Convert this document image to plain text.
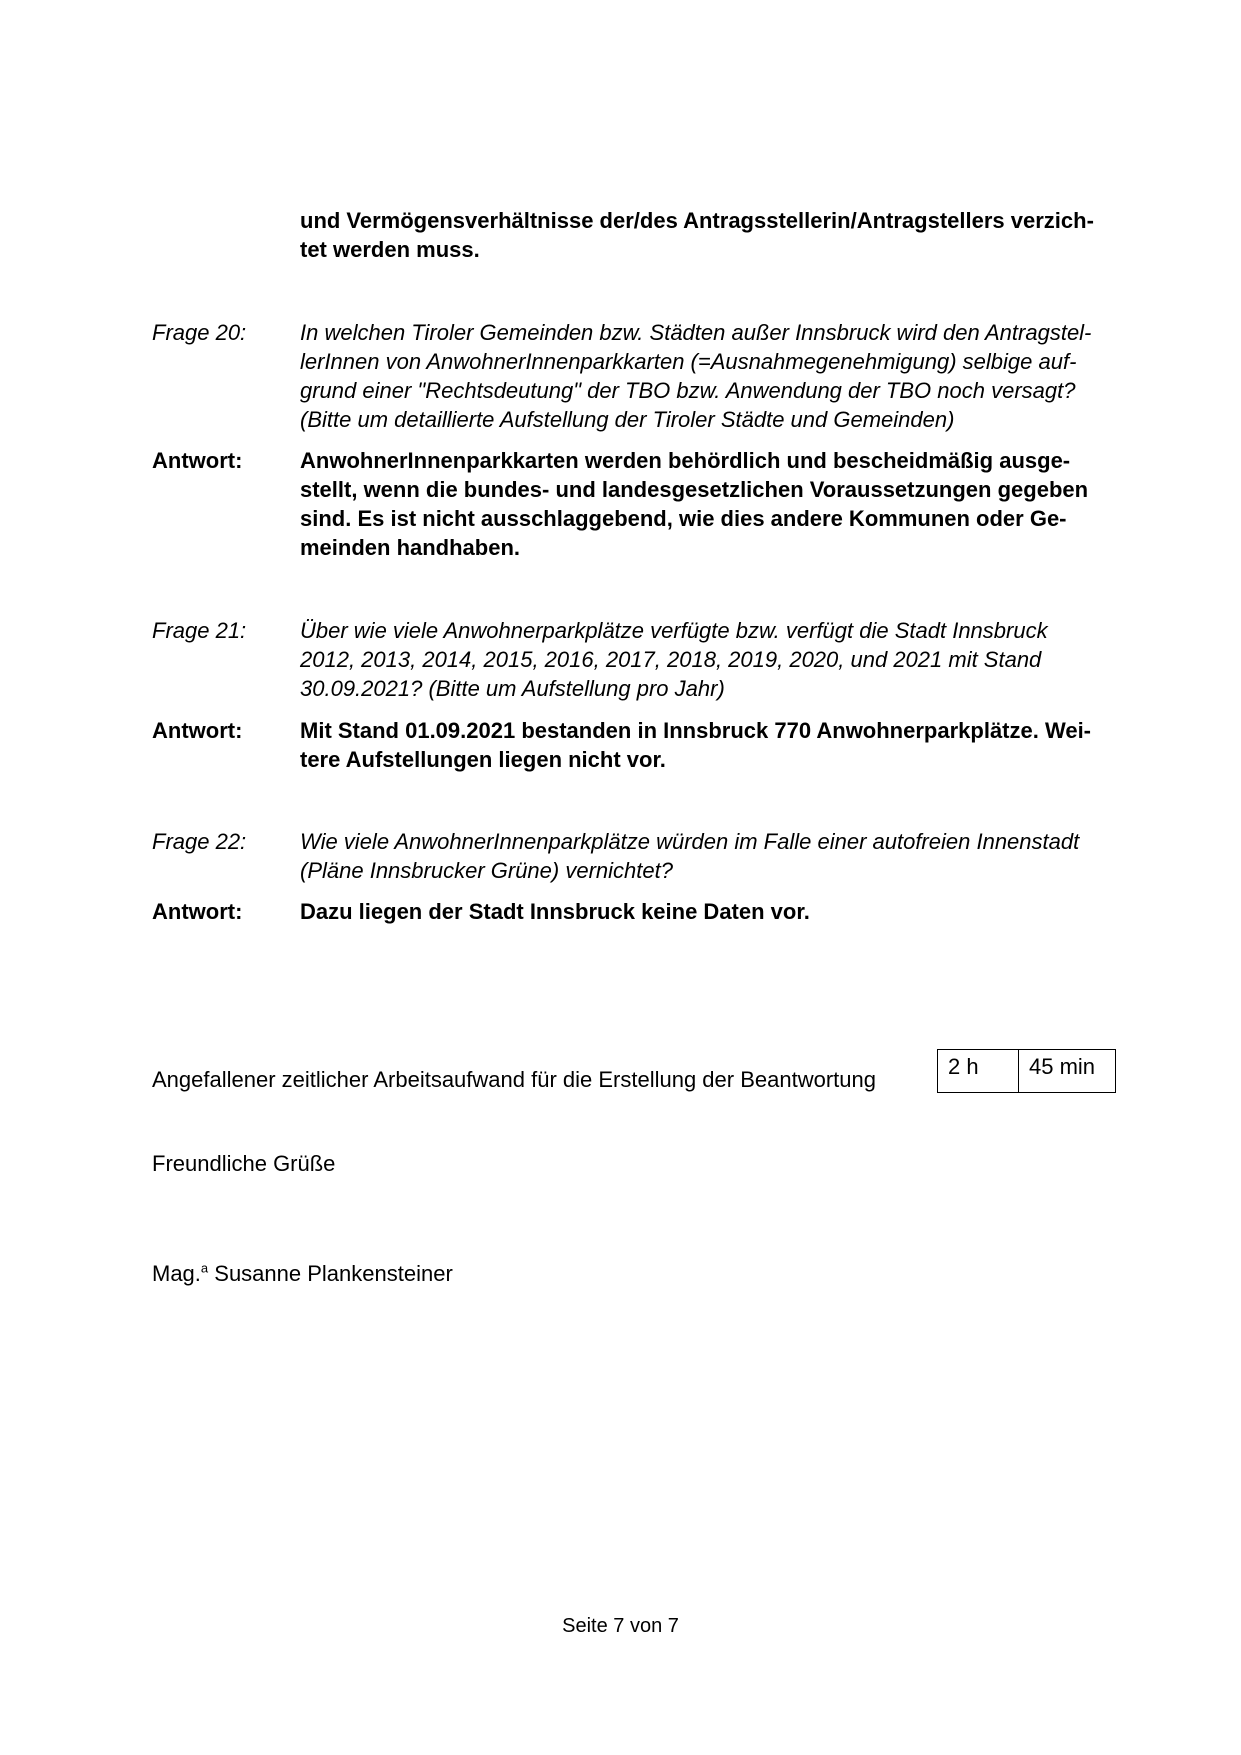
und Vermögensverhältnisse der/des Antragsstellerin/Antragstellers verzich-
tet werden muss.
Frage 20: In welchen Tiroler Gemeinden bzw. Städten außer Innsbruck wird den Antragstel-
lerInnen von AnwohnerInnenparkkarten (=Ausnahmegenehmigung) selbige auf-
grund einer "Rechtsdeutung" der TBO bzw. Anwendung der TBO noch versagt?
(Bitte um detaillierte Aufstellung der Tiroler Städte und Gemeinden)
Antwort:	AnwohnerInnenparkkarten werden behördlich und bescheidmäßig ausge-
stellt, wenn die bundes- und landesgesetzlichen Voraussetzungen gegeben
sind. Es ist nicht ausschlaggebend, wie dies andere Kommunen oder Ge-
meinden handhaben.
Frage 21: Über wie viele Anwohnerparkplätze verfügte bzw. verfügt die Stadt Innsbruck
2012, 2013, 2014, 2015, 2016, 2017, 2018, 2019, 2020, und 2021 mit Stand
30.09.2021? (Bitte um Aufstellung pro Jahr)
Antwort:	Mit Stand 01.09.2021 bestanden in Innsbruck 770 Anwohnerparkplätze. Wei-
tere Aufstellungen liegen nicht vor.
Frage 22: Wie viele AnwohnerInnenparkplätze würden im Falle einer autofreien Innenstadt
(Pläne Innsbrucker Grüne) vernichtet?
Antwort:	Dazu liegen der Stadt Innsbruck keine Daten vor.
Angefallener zeitlicher Arbeitsaufwand für die Erstellung der Beantwortung
2 h	45 min
Freundliche Grüße
Mag.$^a$ Susanne Plankensteiner
Seite 7 von 7
